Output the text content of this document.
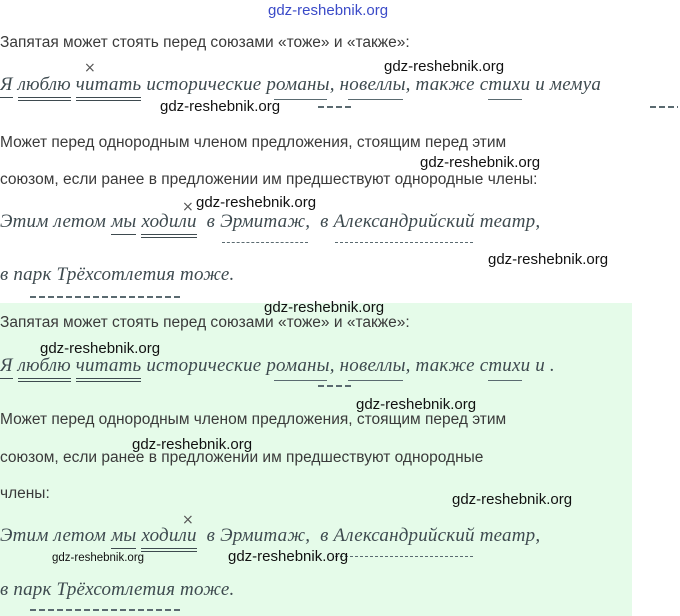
gdz-reshebnik.org
Запятая может стоять перед союзами «тоже» и «также»:
×
Я люблю читать исторические романы, новеллы, также стихи и мемуа
gdz-reshebnik.org
gdz-reshebnik.org
Может перед однородным членом предложения, стоящим перед этим
gdz-reshebnik.org
союзом, если ранее в предложении им предшествуют однородные члены:
gdz-reshebnik.org
×
Этим летом мы ходили в Эрмитаж, в Александрийский театр,
gdz-reshebnik.org
в парк Трёхсотлетия тоже.
gdz-reshebnik.org
Запятая может стоять перед союзами «тоже» и «также»:
gdz-reshebnik.org
Я люблю читать исторические романы, новеллы, также стихи и .
gdz-reshebnik.org
Может перед однородным членом предложения, стоящим перед этим
gdz-reshebnik.org
союзом, если ранее в предложении им предшествуют однородные
члены:	gdz-reshebnik.org
×
Этим летом мы ходили в Эрмитаж, в Александрийский театр,
gdz-reshebnik.org	gdz-reshebnik.org
в парк Трёхсотлетия тоже.
